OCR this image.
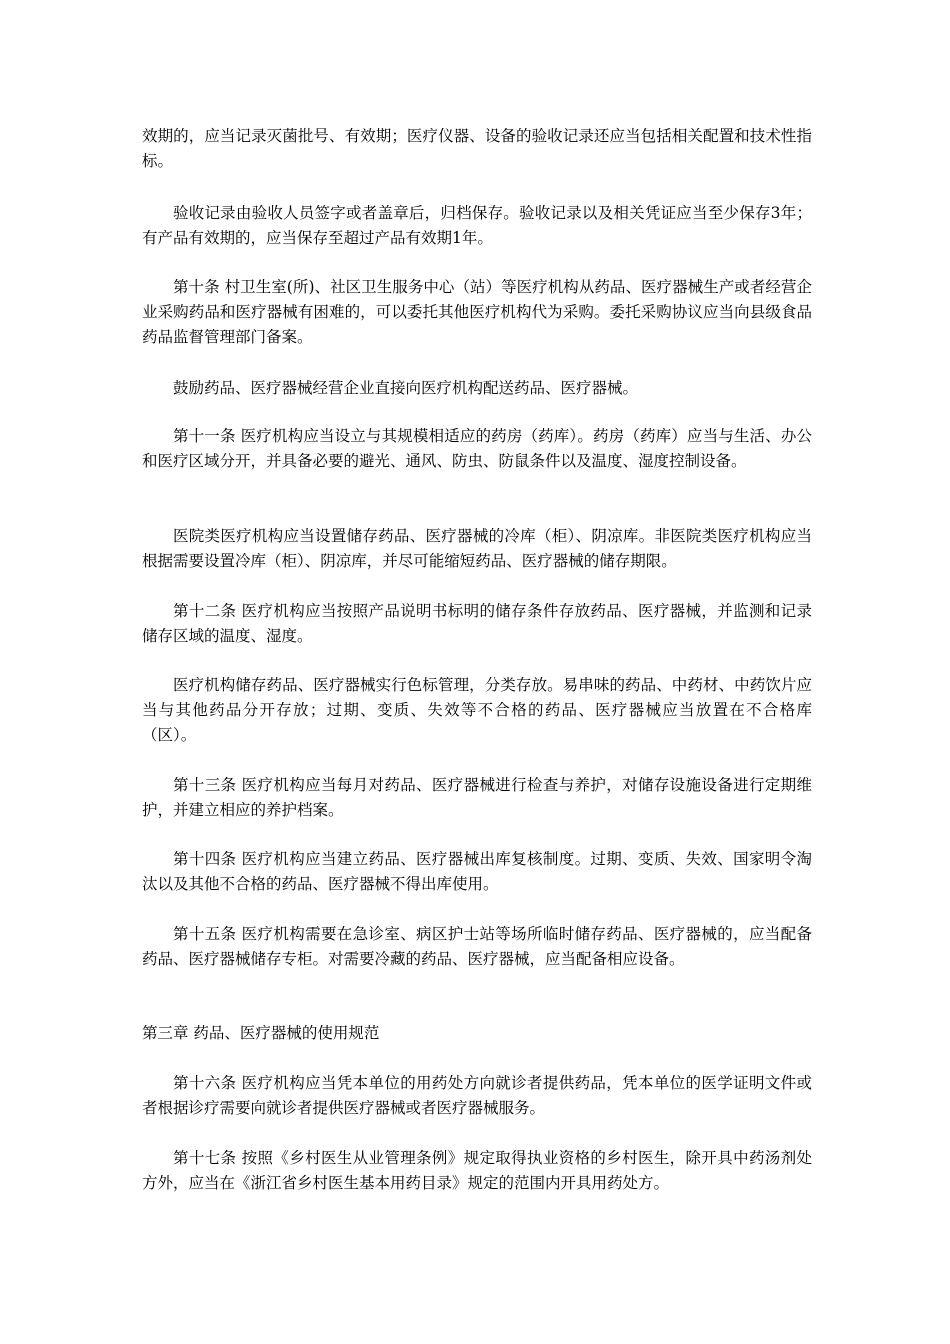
效期的，应当记录灭菌批号、有效期；医疗仪器、设备的验收记录还应当包括相关配置和技术性指标。

验收记录由验收人员签字或者盖章后，归档保存。验收记录以及相关凭证应当至少保存3年；有产品有效期的，应当保存至超过产品有效期1年。

第十条 村卫生室(所)、社区卫生服务中心（站）等医疗机构从药品、医疗器械生产或者经营企业采购药品和医疗器械有困难的，可以委托其他医疗机构代为采购。委托采购协议应当向县级食品药品监督管理部门备案。

鼓励药品、医疗器械经营企业直接向医疗机构配送药品、医疗器械。

第十一条 医疗机构应当设立与其规模相适应的药房（药库）。药房（药库）应当与生活、办公和医疗区域分开，并具备必要的避光、通风、防虫、防鼠条件以及温度、湿度控制设备。

医院类医疗机构应当设置储存药品、医疗器械的冷库（柜）、阴凉库。非医院类医疗机构应当根据需要设置冷库（柜）、阴凉库，并尽可能缩短药品、医疗器械的储存期限。

第十二条 医疗机构应当按照产品说明书标明的储存条件存放药品、医疗器械，并监测和记录储存区域的温度、湿度。

医疗机构储存药品、医疗器械实行色标管理，分类存放。易串味的药品、中药材、中药饮片应当与其他药品分开存放；过期、变质、失效等不合格的药品、医疗器械应当放置在不合格库（区）。

第十三条 医疗机构应当每月对药品、医疗器械进行检查与养护，对储存设施设备进行定期维护，并建立相应的养护档案。

第十四条 医疗机构应当建立药品、医疗器械出库复核制度。过期、变质、失效、国家明令淘汰以及其他不合格的药品、医疗器械不得出库使用。

第十五条 医疗机构需要在急诊室、病区护士站等场所临时储存药品、医疗器械的，应当配备药品、医疗器械储存专柜。对需要冷藏的药品、医疗器械，应当配备相应设备。

第三章 药品、医疗器械的使用规范

第十六条 医疗机构应当凭本单位的用药处方向就诊者提供药品，凭本单位的医学证明文件或者根据诊疗需要向就诊者提供医疗器械或者医疗器械服务。

第十七条 按照《乡村医生从业管理条例》规定取得执业资格的乡村医生，除开具中药汤剂处方外，应当在《浙江省乡村医生基本用药目录》规定的范围内开具用药处方。
